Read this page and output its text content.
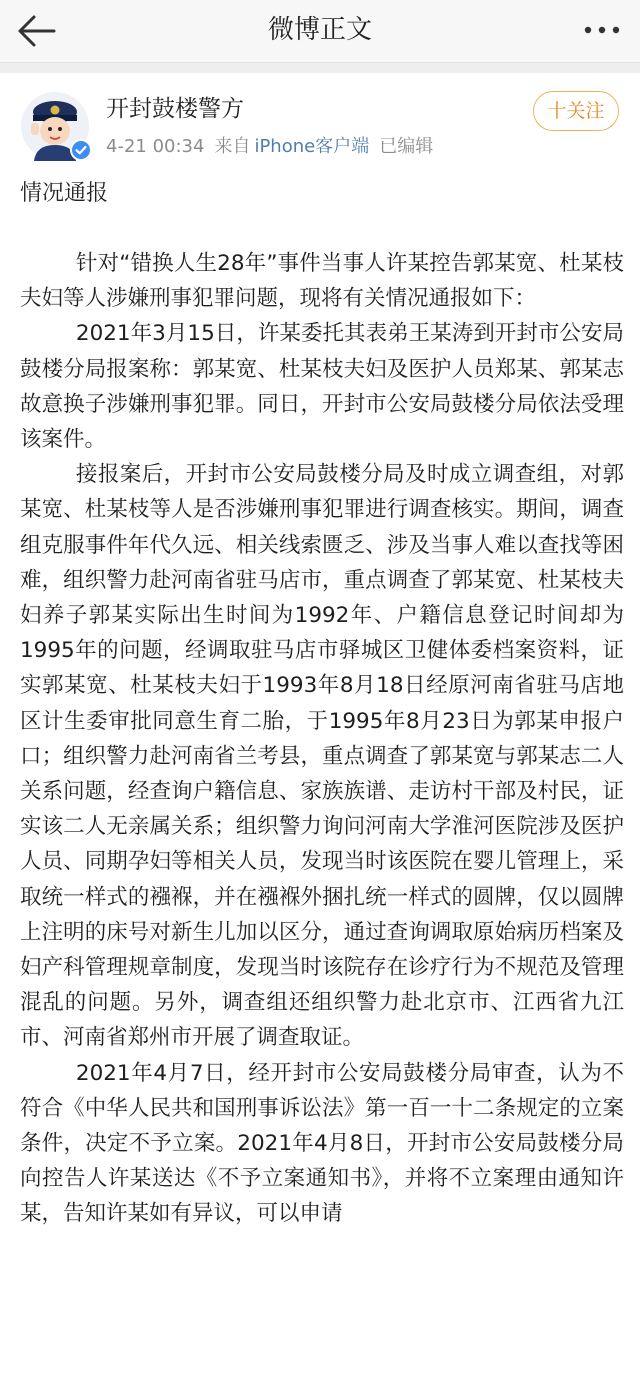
微博正文
开封鼓楼警方
4-21 00:34 来自 iPhone客户端 已编辑
十关注
情况通报

针对“错换人生28年”事件当事人许某控告郭某宽、杜某枝夫妇等人涉嫌刑事犯罪问题，现将有关情况通报如下：

2021年3月15日，许某委托其表弟王某涛到开封市公安局鼓楼分局报案称：郭某宽、杜某枝夫妇及医护人员郑某、郭某志故意换子涉嫌刑事犯罪。同日，开封市公安局鼓楼分局依法受理该案件。

接报案后，开封市公安局鼓楼分局及时成立调查组，对郭某宽、杜某枝等人是否涉嫌刑事犯罪进行调查核实。期间，调查组克服事件年代久远、相关线索匮乏、涉及当事人难以查找等困难，组织警力赴河南省驻马店市，重点调查了郭某宽、杜某枝夫妇养子郭某实际出生时间为1992年、户籍信息登记时间却为1995年的问题，经调取驻马店市驿城区卫健体委档案资料，证实郭某宽、杜某枝夫妇于1993年8月18日经原河南省驻马店地区计生委审批同意生育二胎，于1995年8月23日为郭某申报户口；组织警力赴河南省兰考县，重点调查了郭某宽与郭某志二人关系问题，经查询户籍信息、家族族谱、走访村干部及村民，证实该二人无亲属关系；组织警力询问河南大学淮河医院涉及医护人员、同期孕妇等相关人员，发现当时该医院在婴儿管理上，采取统一样式的襁褓，并在襁褓外捆扎统一样式的圆牌，仅以圆牌上注明的床号对新生儿加以区分，通过查询调取原始病历档案及妇产科管理规章制度，发现当时该院存在诊疗行为不规范及管理混乱的问题。另外，调查组还组织警力赴北京市、江西省九江市、河南省郑州市开展了调查取证。

2021年4月7日，经开封市公安局鼓楼分局审查，认为不符合《中华人民共和国刑事诉讼法》第一百一十二条规定的立案条件，决定不予立案。2021年4月8日，开封市公安局鼓楼分局向控告人许某送达《不予立案通知书》，并将不立案理由通知许某，告知许某如有异议，可以申请
